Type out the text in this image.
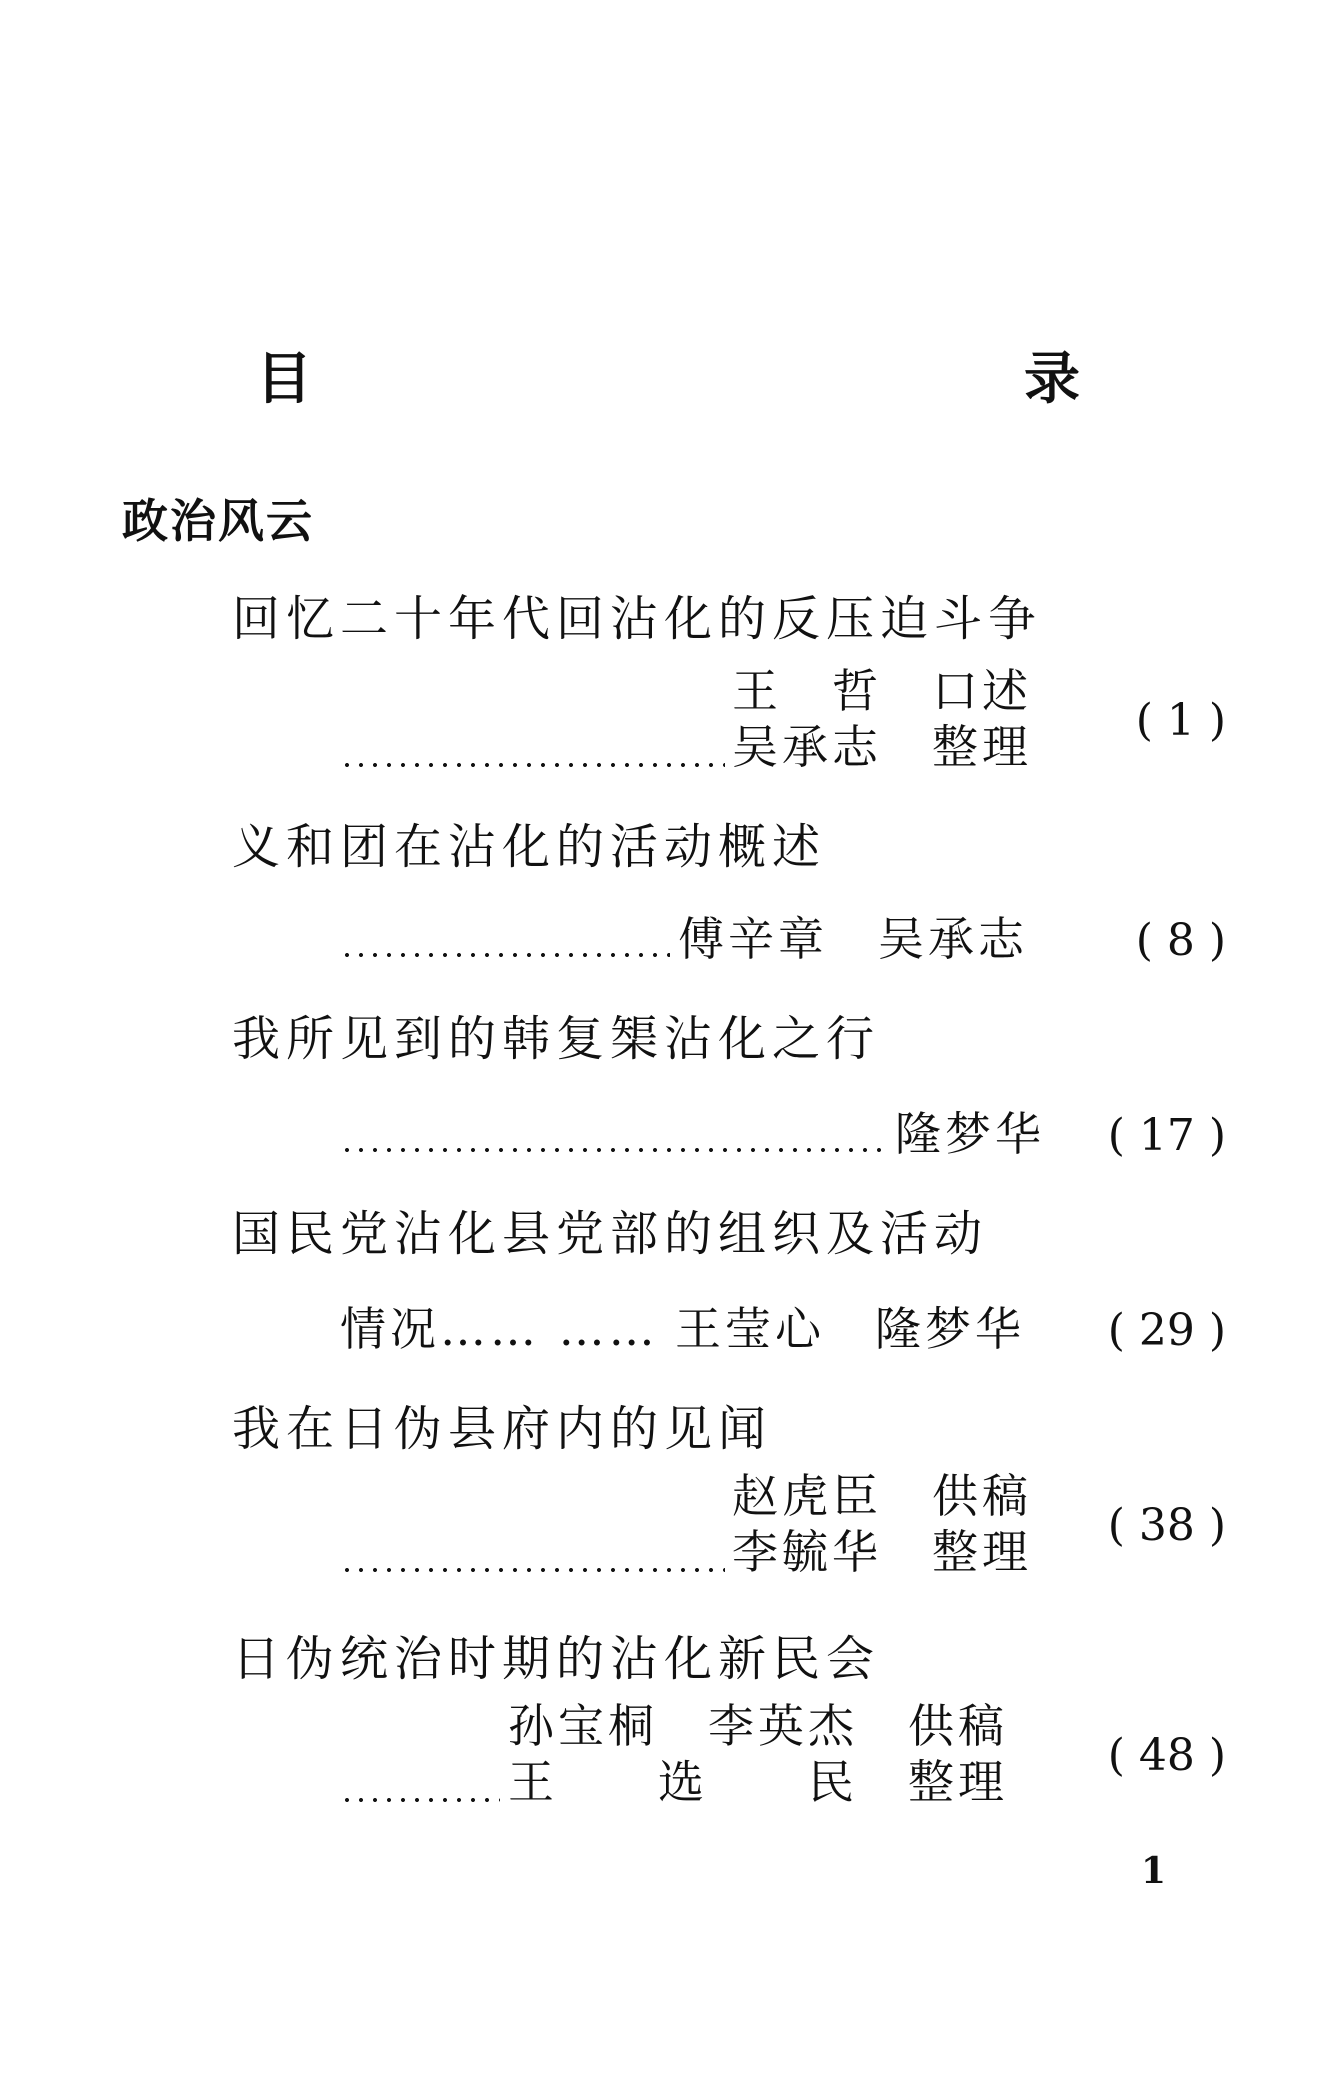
目　　录
政治风云
回忆二十年代回沾化的反压迫斗争
王　哲　口述
吴承志　整理 ( 1 )
义和团在沾化的活动概述
傅辛章　吴承志 ( 8 )
我所见到的韩复榘沾化之行
隆梦华 ( 17 )
国民党沾化县党部的组织及活动
情况…… …… 王莹心　隆梦华 ( 29 )
我在日伪县府内的见闻
赵虎臣　供稿
李毓华　整理 ( 38 )
日伪统治时期的沾化新民会
孙宝桐　李英杰　供稿
王　　选　　民　整理 ( 48 )
1
